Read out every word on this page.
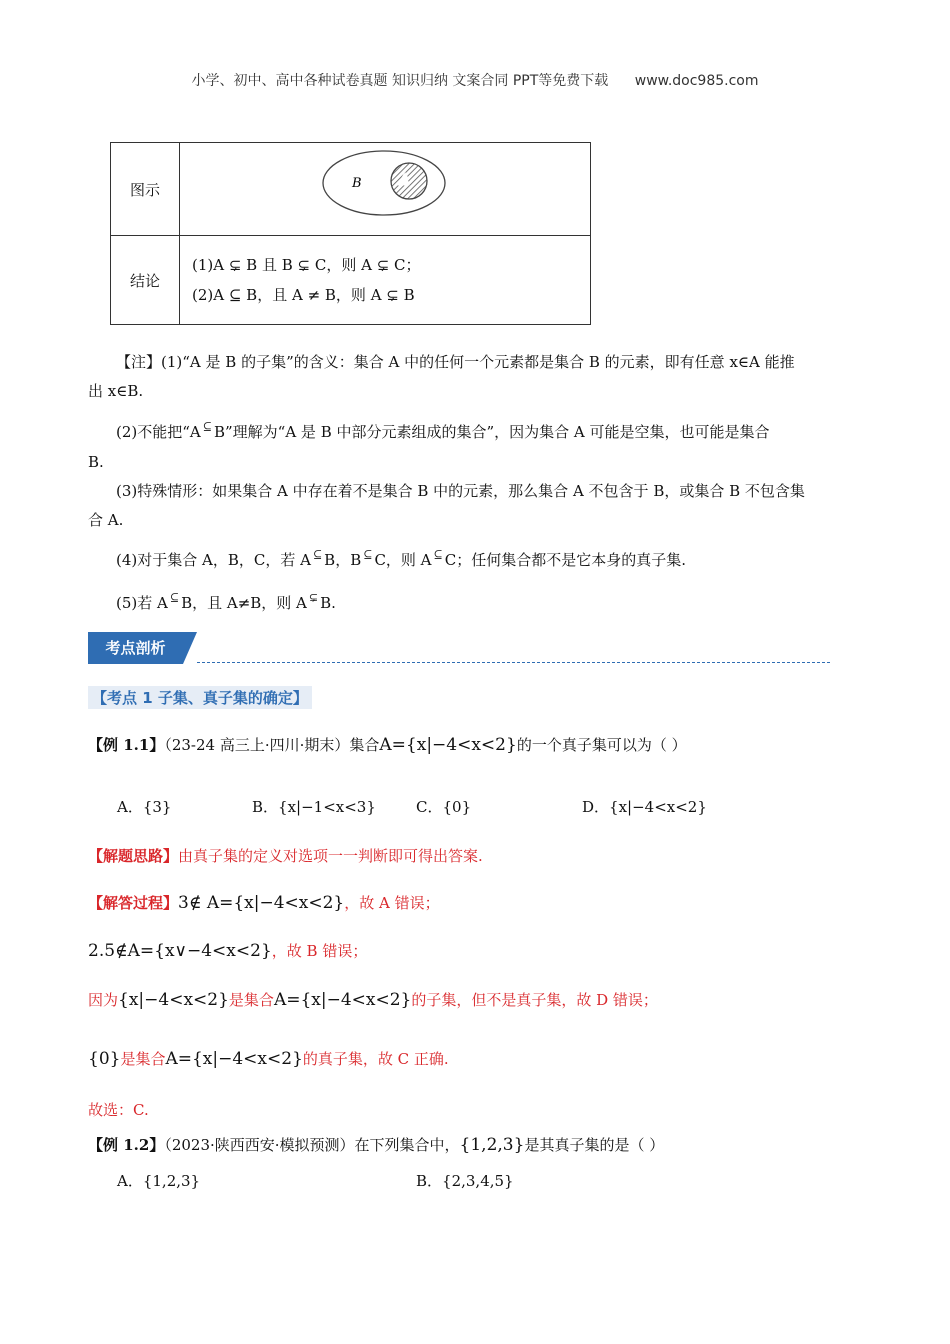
小学、初中、高中各种试卷真题 知识归纳 文案合同 PPT等免费下载 www.doc985.com
图示	B A

结论	(1)A ⊊ B 且 B ⊊ C，则 A ⊊ C；
(2)A ⊆ B，且 A ≠ B，则 A ⊊ B

【注】(1)“A 是 B 的子集”的含义：集合 A 中的任何一个元素都是集合 B 的元素，即有任意 x∈A 能推

出 x∈B.

(2)不能把“A ⊆ B”理解为“A 是 B 中部分元素组成的集合”，因为集合 A 可能是空集，也可能是集合

B.

(3)特殊情形：如果集合 A 中存在着不是集合 B 中的元素，那么集合 A 不包含于 B，或集合 B 不包含集

合 A.

(4)对于集合 A，B，C，若 A ⊆ B，B ⊆ C，则 A ⊆ C；任何集合都不是它本身的真子集.

(5)若 A ⊆ B，且 A≠B，则 A ⊊ B.

考点剖析
【考点 1 子集、真子集的确定】
【例 1.1】（23-24 高三上·四川·期末）集合A={x|−4<x<2}的一个真子集可以为（ ）
A．{3}	B．{x|−1<x<3}	C．{0}	D．{x|−4<x<2}
【解题思路】由真子集的定义对选项一一判断即可得出答案.
【解答过程】3∉ A={x|−4<x<2}，故 A 错误；
2.5∉A={x∨−4<x<2}，故 B 错误；
因为{x|−4<x<2}是集合A={x|−4<x<2}的子集，但不是真子集，故 D 错误；
{0}是集合A={x|−4<x<2}的真子集，故 C 正确.
故选：C.
【例 1.2】（2023·陕西西安·模拟预测）在下列集合中，{1,2,3}是其真子集的是（ ）
A．{1,2,3}	B．{2,3,4,5}
